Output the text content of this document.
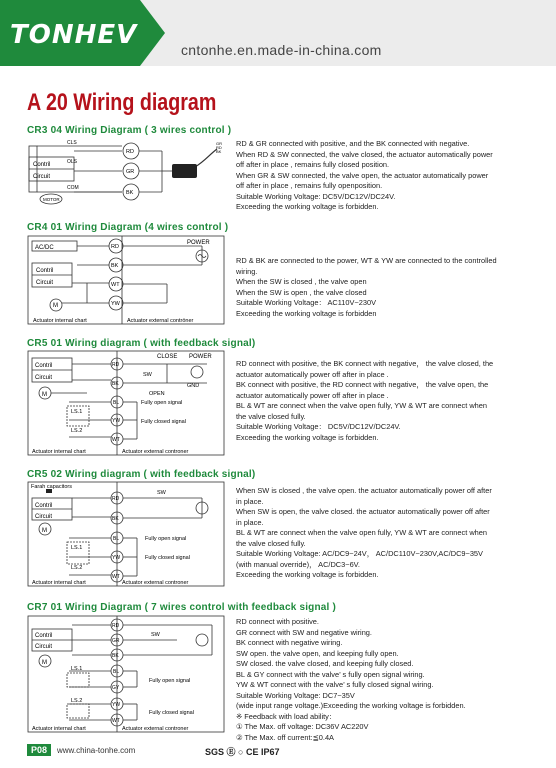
TONHEV	cntonhe.en.made-in-china.com
A 20 Wiring diagram
CR3 04 Wiring Diagram ( 3 wires control )
CLS
OLS
COM
Contril
Circuit
MOTOR
RD
GR
BK
GR
RD
BK
RD & GR connected with positive, and the BK connected with negative.
When RD & SW connected, the valve closed, the actuator automatically power
off after in place , remains fully closed position.
When GR & SW connected, the valve open, the actuator automatically power
off after in place , remains fully openposition.
Suitable Working Voltage: DC5V/DC12V/DC24V.
Exceeding the working voltage is forbidden.
CR4 01 Wiring Diagram (4 wires control )
AC/DC
POWER
Contril
Circuit
M
RD
BK
WT
YW
Actuator internal chart	Actuator external contröner
RD & BK are connected to the power, WT & YW are connected to the controlled
wiring.
When the SW is closed , the valve open
When the SW is open , the valve closed
Suitable Working Voltage： AC110V~230V
Exceeding the working voltage is forbidden
CR5 01 Wiring diagram ( with feedback signal)
CLOSE POWER
SW
GND
OPEN
Contril
Circuit
M
LS.1
LS.2
RD
BK
BL
YW
WT
Fully open signal
Fully closed signal
Actuator internal chart	Actuator external controner
RD connect with positive, the BK connect with negative， the valve closed, the
actuator automatically power off after in place .
BK connect with positive, the RD connect with negative， the valve open, the
actuator automatically power off after in place .
BL & WT are connect when the valve open fully, YW & WT are connect when
the valve closed fully.
Suitable Working Voltage： DC5V/DC12V/DC24V.
Exceeding the working voltage is forbidden.
CR5 02 Wiring diagram ( with feedback signal)
Farah capacitors
SW
Contril
Circuit
M
LS.1
LS.2
RD
BK
BL
YW
WT
Fully open signal
Fully closed signal
Actuator internal chart	Actuator external controner
When SW is closed , the valve open. the actuator automatically power off after
in place.
When SW is open, the valve closed. the actuator automatically power off after
in place.
BL & WT are connect when the valve open fully, YW & WT are connect when
the valve closed fully.
Suitable Working Voltage: AC/DC9~24V， AC/DC110V~230V,AC/DC9~35V
(with manual override)， AC/DC3~6V.
Exceeding the working voltage is forbidden.
CR7 01 Wiring Diagram ( 7 wires control with feedback signal )
SW
Contril
Circuit
M
LS.1
LS.2
RD
GR
BK
BL
GY
YW
WT
Fully open signal
Fully closed signal
Actuator internal chart	Actuator external controner
RD connect with positive.
GR connect with SW and negative wiring.
BK connect with negative wiring.
SW open. the valve open, and keeping fully open.
SW closed. the valve closed, and keeping fully closed.
BL & GY connect with the valve’ s fully open signal wiring.
YW & WT connect with the valve’ s fully closed signal wiring.
Suitable Working Voltage: DC7~35V
(wide input range voltage.)Exceeding the working voltage is forbidden.
※ Feedback with load ability：
① The Max. off voltage: DC36V AC220V
② The Max. off current:≦0.4A
P08	www.china-tonhe.com	SGS Ⓔ ○ CE IP67
